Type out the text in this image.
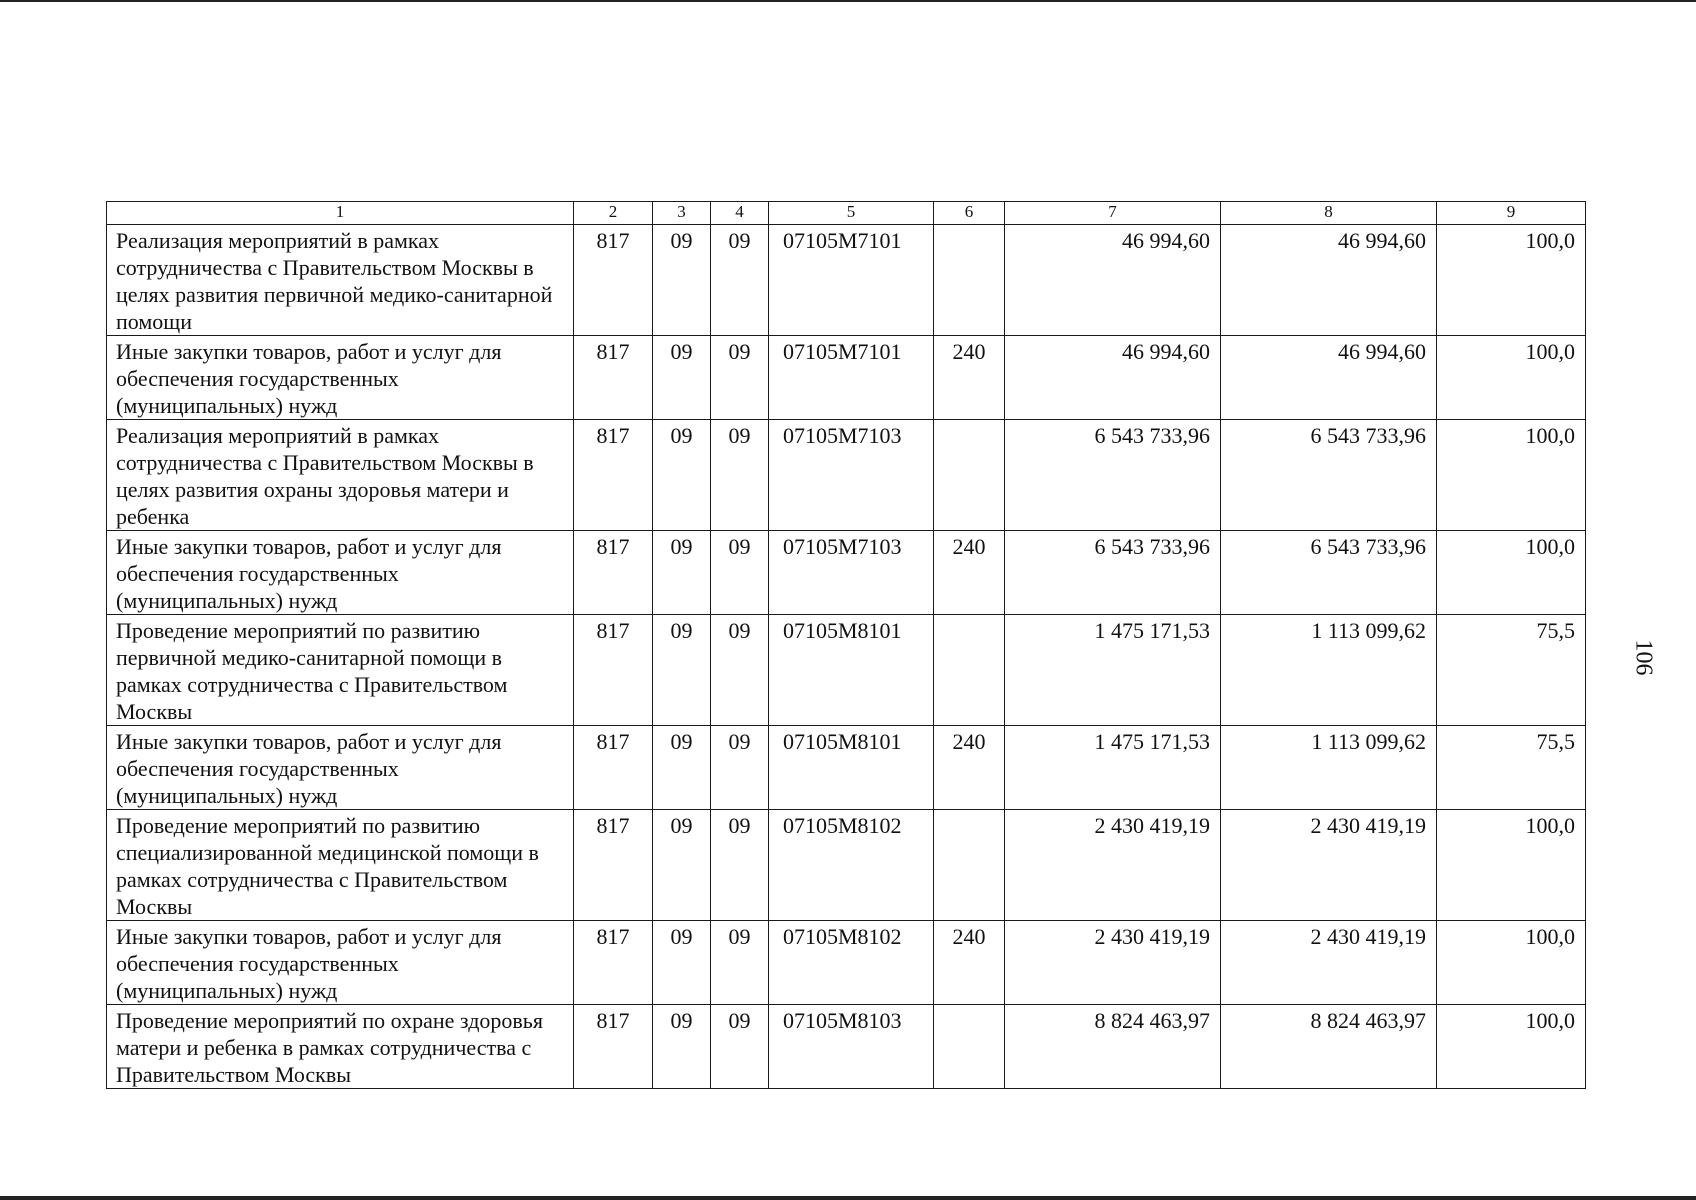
1	2	3	4	5	6	7	8	9
Реализация мероприятий в рамках сотрудничества с Правительством Москвы в целях развития первичной медико-санитарной помощи	817	09	09	07105М7101		46 994,60	46 994,60	100,0
Иные закупки товаров, работ и услуг для обеспечения государственных (муниципальных) нужд	817	09	09	07105М7101	240	46 994,60	46 994,60	100,0
Реализация мероприятий в рамках сотрудничества с Правительством Москвы в целях развития охраны здоровья матери и ребенка	817	09	09	07105М7103		6 543 733,96	6 543 733,96	100,0
Иные закупки товаров, работ и услуг для обеспечения государственных (муниципальных) нужд	817	09	09	07105М7103	240	6 543 733,96	6 543 733,96	100,0
Проведение мероприятий по развитию первичной медико-санитарной помощи в рамках сотрудничества с Правительством Москвы	817	09	09	07105М8101		1 475 171,53	1 113 099,62	75,5
Иные закупки товаров, работ и услуг для обеспечения государственных (муниципальных) нужд	817	09	09	07105М8101	240	1 475 171,53	1 113 099,62	75,5
Проведение мероприятий по развитию специализированной медицинской помощи в рамках сотрудничества с Правительством Москвы	817	09	09	07105М8102		2 430 419,19	2 430 419,19	100,0
Иные закупки товаров, работ и услуг для обеспечения государственных (муниципальных) нужд	817	09	09	07105М8102	240	2 430 419,19	2 430 419,19	100,0
Проведение мероприятий по охране здоровья матери и ребенка в рамках сотрудничества с Правительством Москвы	817	09	09	07105М8103		8 824 463,97	8 824 463,97	100,0
106
